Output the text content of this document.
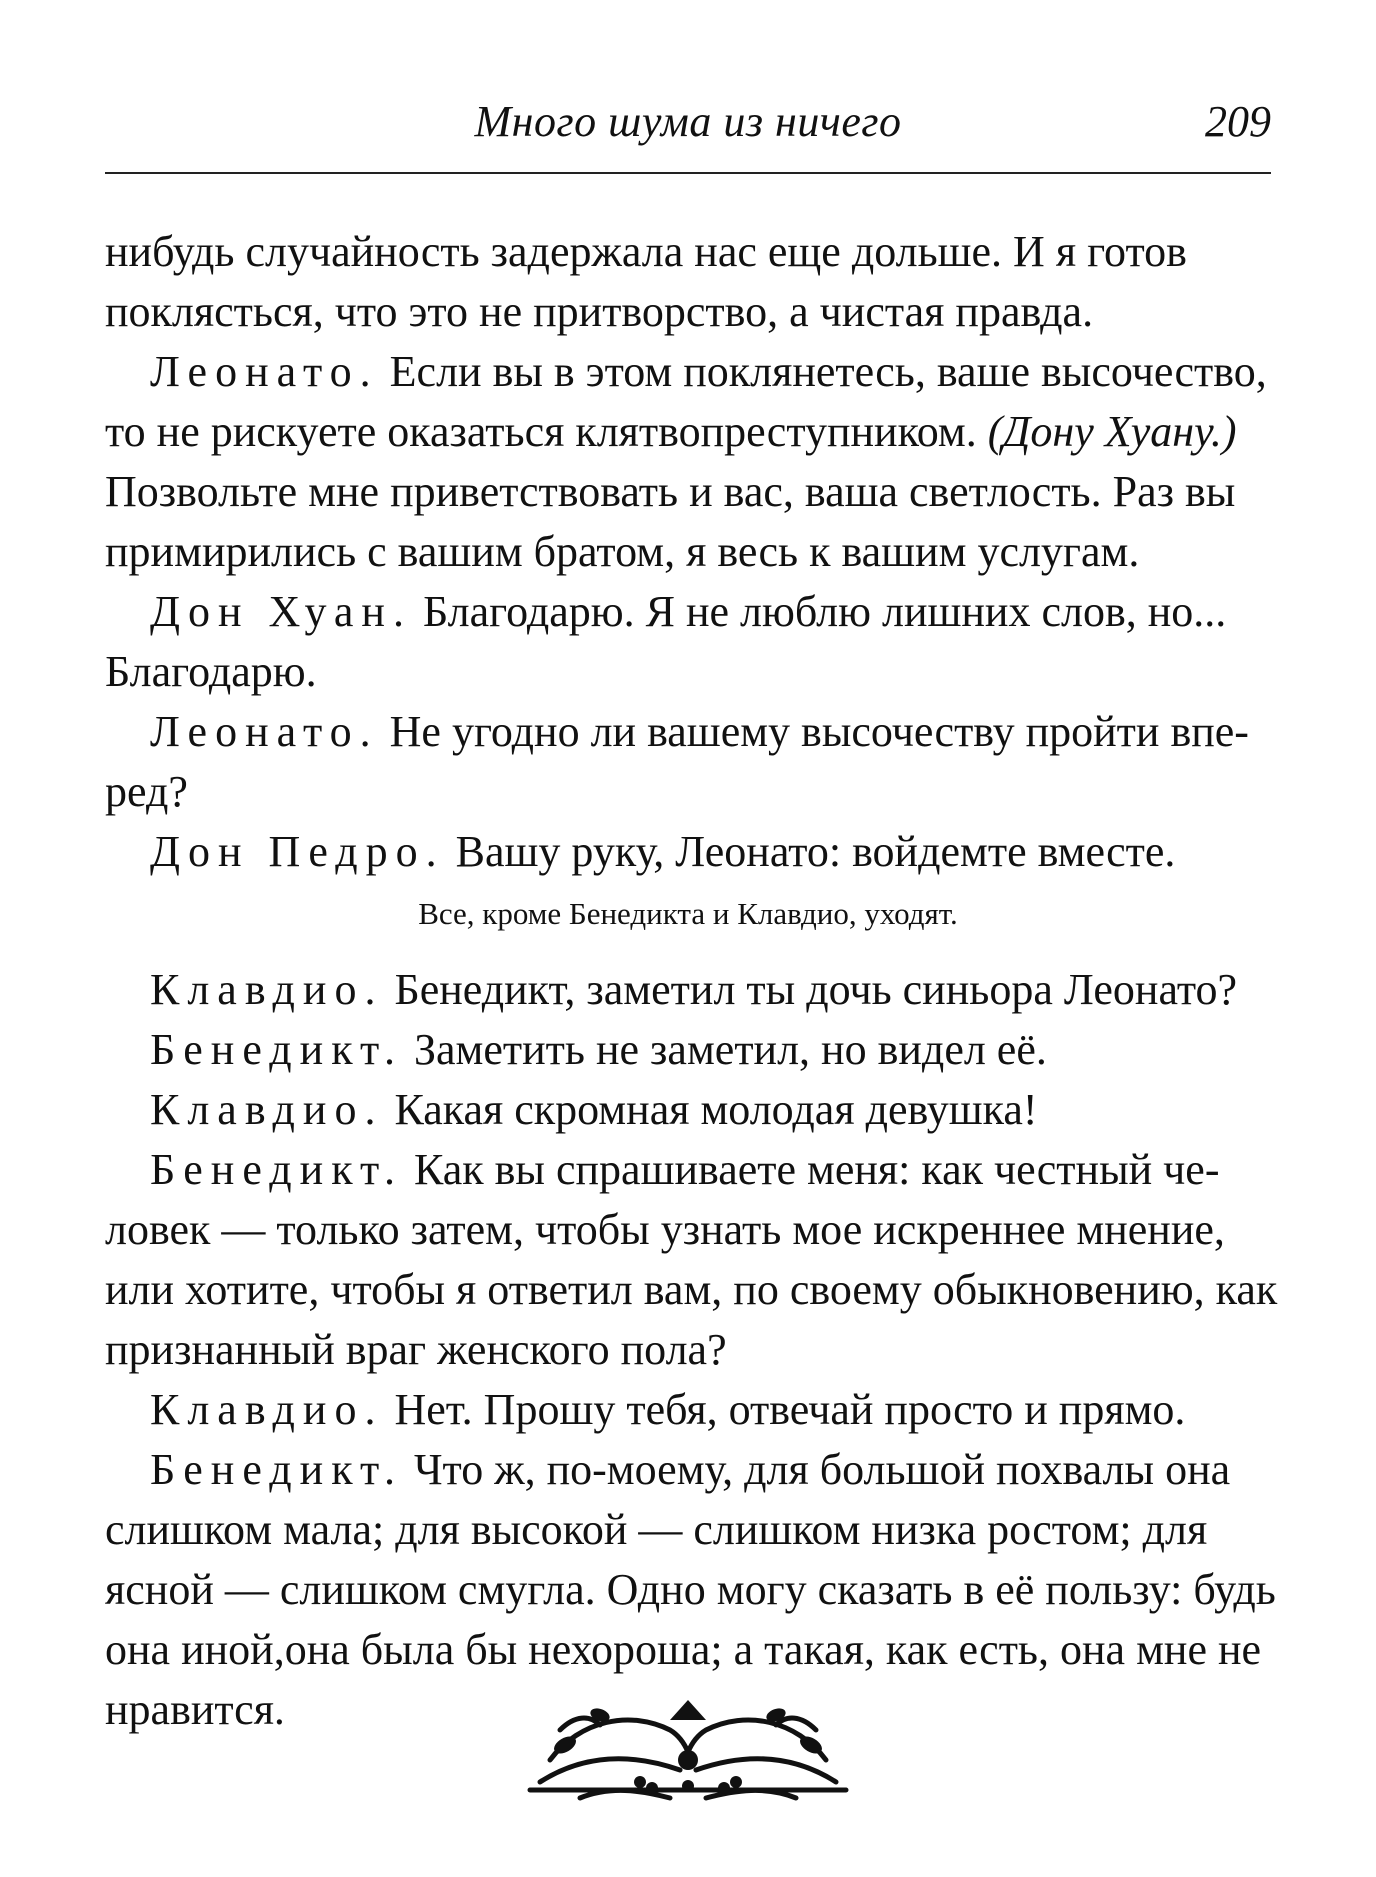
Много шума из ничего	209

нибудь случайность задержала нас еще дольше. И я готов

поклясться, что это не притворство, а чистая правда.

Леонато. Если вы в этом поклянетесь, ваше высочество,

то не рискуете оказаться клятвопреступником. (Дону Хуану.)

Позвольте мне приветствовать и вас, ваша светлость. Раз вы

примирились с вашим братом, я весь к вашим услугам.

Дон Хуан. Благодарю. Я не люблю лишних слов, но...

Благодарю.

Леонато. Не угодно ли вашему высочеству пройти впе-

ред?

Дон Педро. Вашу руку, Леонато: войдемте вместе.

Все, кроме Бенедикта и Клавдио, уходят.

Клавдио. Бенедикт, заметил ты дочь синьора Леонато?

Бенедикт. Заметить не заметил, но видел её.

Клавдио. Какая скромная молодая девушка!

Бенедикт. Как вы спрашиваете меня: как честный че-

ловек — только затем, чтобы узнать мое искреннее мнение,

или хотите, чтобы я ответил вам, по своему обыкновению, как

признанный враг женского пола?

Клавдио. Нет. Прошу тебя, отвечай просто и прямо.

Бенедикт. Что ж, по-моему, для большой похвалы она

слишком мала; для высокой — слишком низка ростом; для

ясной — слишком смугла. Одно могу сказать в её пользу: будь

она иной,она была бы нехороша; а такая, как есть, она мне не

нравится.
